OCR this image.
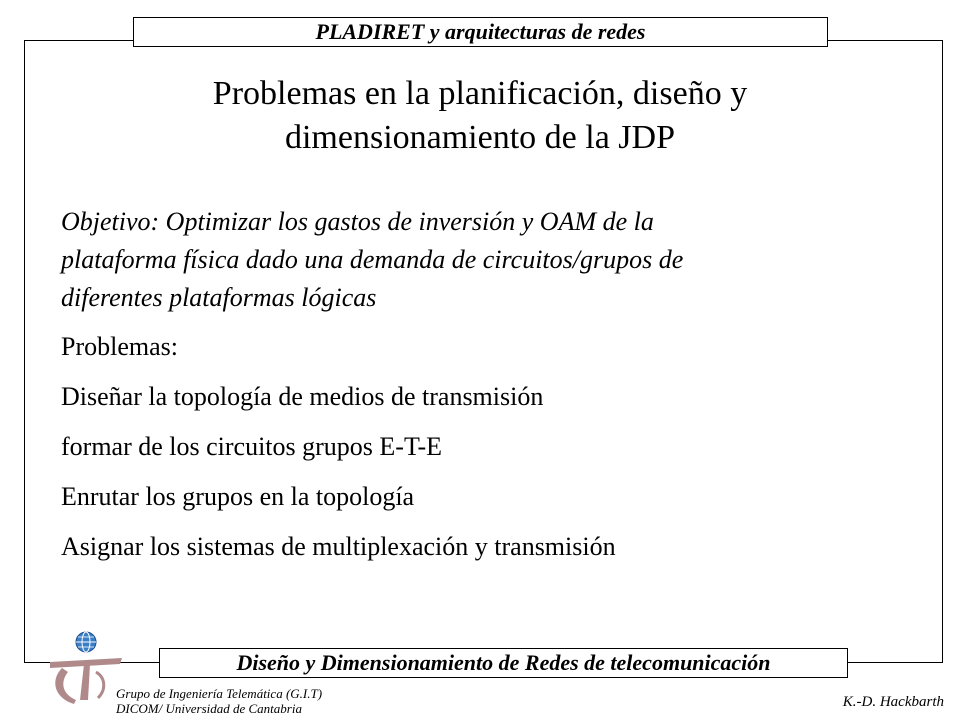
PLADIRET y arquitecturas de redes
Problemas en la planificación, diseño y
dimensionamiento de la JDP

Objetivo: Optimizar los gastos de inversión y OAM de la

plataforma física dado una demanda de circuitos/grupos de

diferentes plataformas lógicas

Problemas:

Diseñar la topología de medios de transmisión

formar de los circuitos grupos E-T-E

Enrutar los grupos en la topología

Asignar los sistemas de multiplexación y transmisión

Diseño y Dimensionamiento de Redes de telecomunicación
Grupo de Ingeniería Telemática (G.I.T)
DICOM/ Universidad de Cantabria	K.-D. Hackbarth
